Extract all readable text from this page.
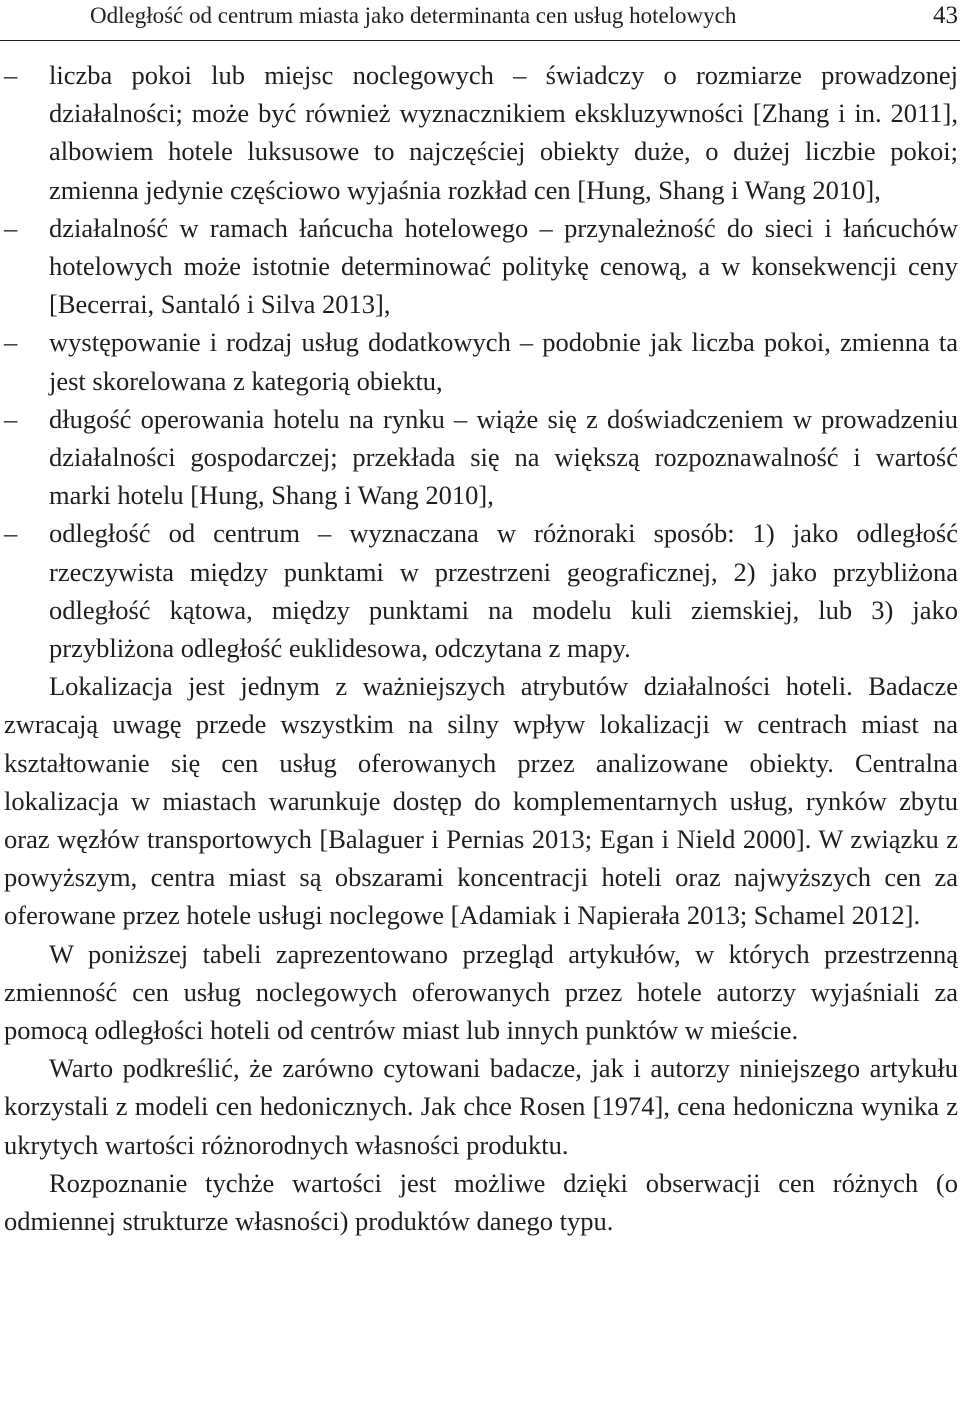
Odległość od centrum miasta jako determinanta cen usług hotelowych	43
– liczba pokoi lub miejsc noclegowych – świadczy o rozmiarze prowadzonej działalności; może być również wyznacznikiem ekskluzywności [Zhang i in. 2011], albowiem hotele luksusowe to najczęściej obiekty duże, o dużej liczbie pokoi; zmienna jedynie częściowo wyjaśnia rozkład cen [Hung, Shang i Wang 2010],
– działalność w ramach łańcucha hotelowego – przynależność do sieci i łańcuchów hotelowych może istotnie determinować politykę cenową, a w konsekwencji ceny [Becerrai, Santaló i Silva 2013],
– występowanie i rodzaj usług dodatkowych – podobnie jak liczba pokoi, zmienna ta jest skorelowana z kategorią obiektu,
– długość operowania hotelu na rynku – wiąże się z doświadczeniem w prowadzeniu działalności gospodarczej; przekłada się na większą rozpoznawalność i wartość marki hotelu [Hung, Shang i Wang 2010],
– odległość od centrum – wyznaczana w różnoraki sposób: 1) jako odległość rzeczywista między punktami w przestrzeni geograficznej, 2) jako przybliżona odległość kątowa, między punktami na modelu kuli ziemskiej, lub 3) jako przybliżona odległość euklidesowa, odczytana z mapy.

Lokalizacja jest jednym z ważniejszych atrybutów działalności hoteli. Badacze zwracają uwagę przede wszystkim na silny wpływ lokalizacji w centrach miast na kształtowanie się cen usług oferowanych przez analizowane obiekty. Centralna lokalizacja w miastach warunkuje dostęp do komplementarnych usług, rynków zbytu oraz węzłów transportowych [Balaguer i Pernias 2013; Egan i Nield 2000]. W związku z powyższym, centra miast są obszarami koncentracji hoteli oraz najwyższych cen za oferowane przez hotele usługi noclegowe [Adamiak i Napierała 2013; Schamel 2012].

W poniższej tabeli zaprezentowano przegląd artykułów, w których przestrzenną zmienność cen usług noclegowych oferowanych przez hotele autorzy wyjaśniali za pomocą odległości hoteli od centrów miast lub innych punktów w mieście.

Warto podkreślić, że zarówno cytowani badacze, jak i autorzy niniejszego artykułu korzystali z modeli cen hedonicznych. Jak chce Rosen [1974], cena hedoniczna wynika z ukrytych wartości różnorodnych własności produktu.

Rozpoznanie tychże wartości jest możliwe dzięki obserwacji cen różnych (o odmiennej strukturze własności) produktów danego typu.
